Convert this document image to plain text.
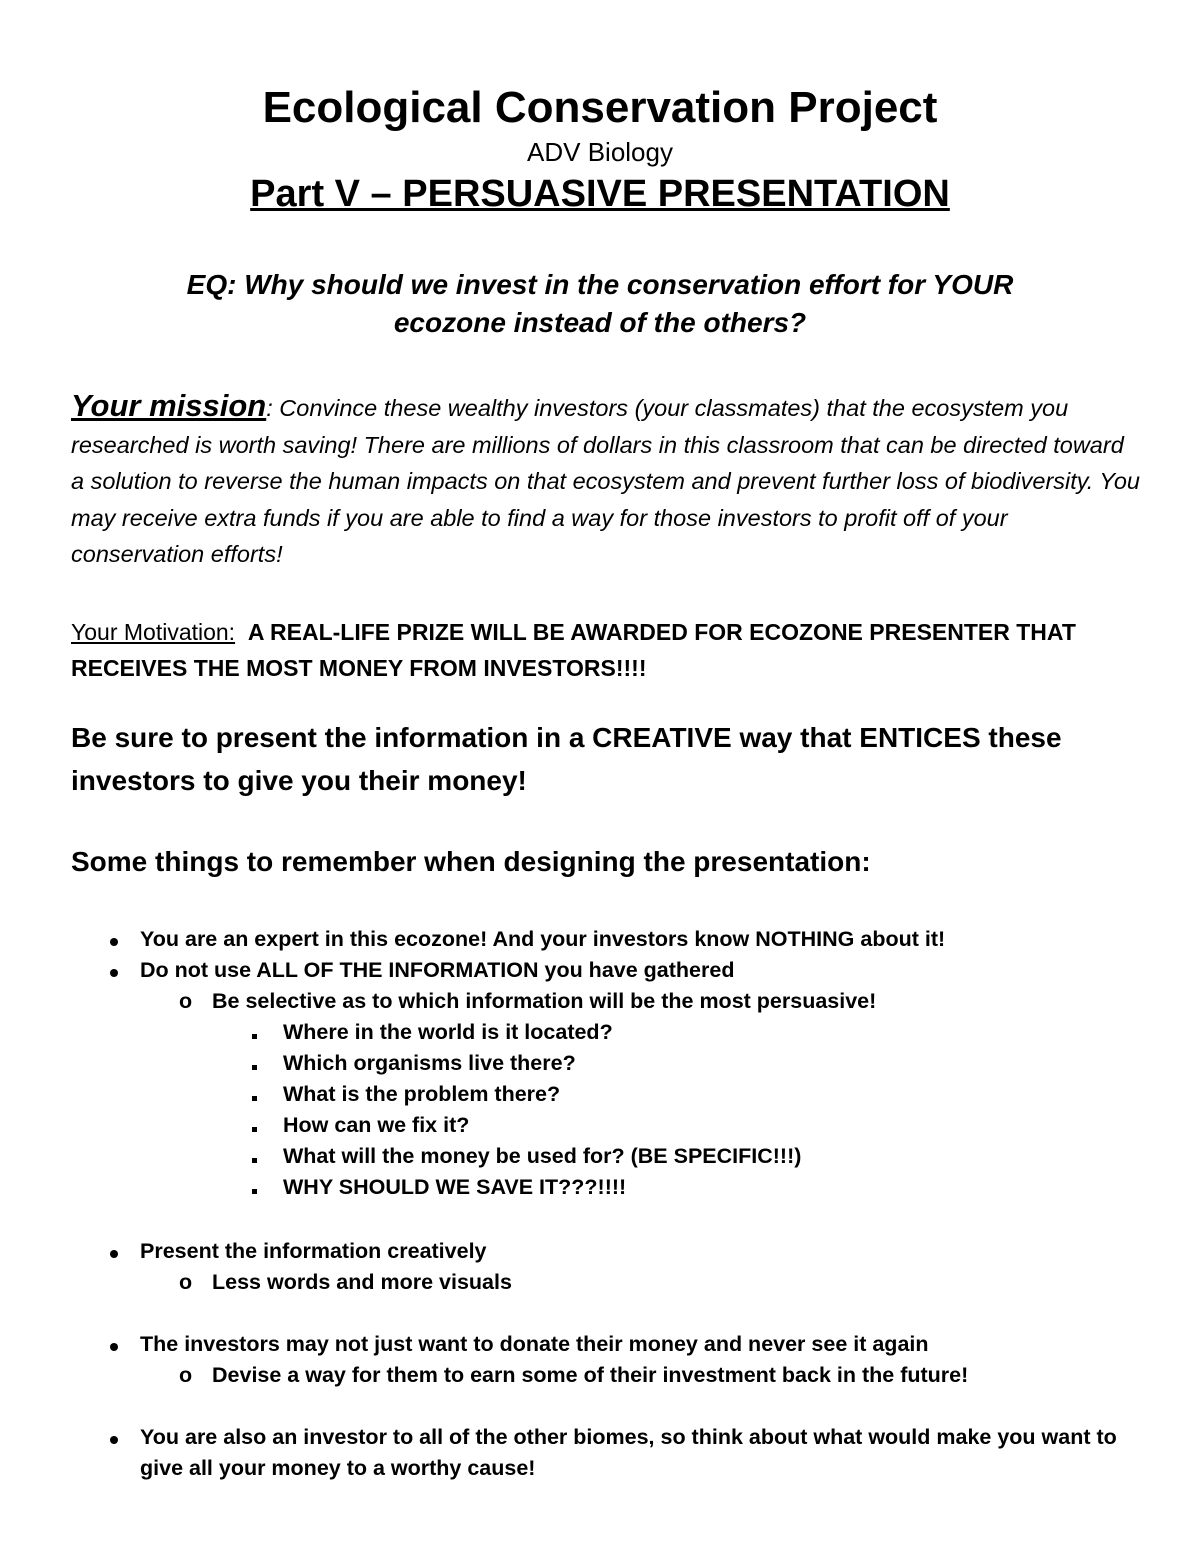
Ecological Conservation Project
ADV Biology
Part V – PERSUASIVE PRESENTATION
EQ: Why should we invest in the conservation effort for YOUR
ecozone instead of the others?
Your mission: Convince these wealthy investors (your classmates) that the ecosystem you researched is worth saving! There are millions of dollars in this classroom that can be directed toward a solution to reverse the human impacts on that ecosystem and prevent further loss of biodiversity. You may receive extra funds if you are able to find a way for those investors to profit off of your conservation efforts!
Your Motivation: A REAL-LIFE PRIZE WILL BE AWARDED FOR ECOZONE PRESENTER THAT RECEIVES THE MOST MONEY FROM INVESTORS!!!!
Be sure to present the information in a CREATIVE way that ENTICES these investors to give you their money!
Some things to remember when designing the presentation:
You are an expert in this ecozone! And your investors know NOTHING about it!
Do not use ALL OF THE INFORMATION you have gathered
o Be selective as to which information will be the most persuasive!
Where in the world is it located?
Which organisms live there?
What is the problem there?
How can we fix it?
What will the money be used for? (BE SPECIFIC!!!)
WHY SHOULD WE SAVE IT???!!!!
Present the information creatively
o Less words and more visuals
The investors may not just want to donate their money and never see it again
o Devise a way for them to earn some of their investment back in the future!
You are also an investor to all of the other biomes, so think about what would make you want to give all your money to a worthy cause!
